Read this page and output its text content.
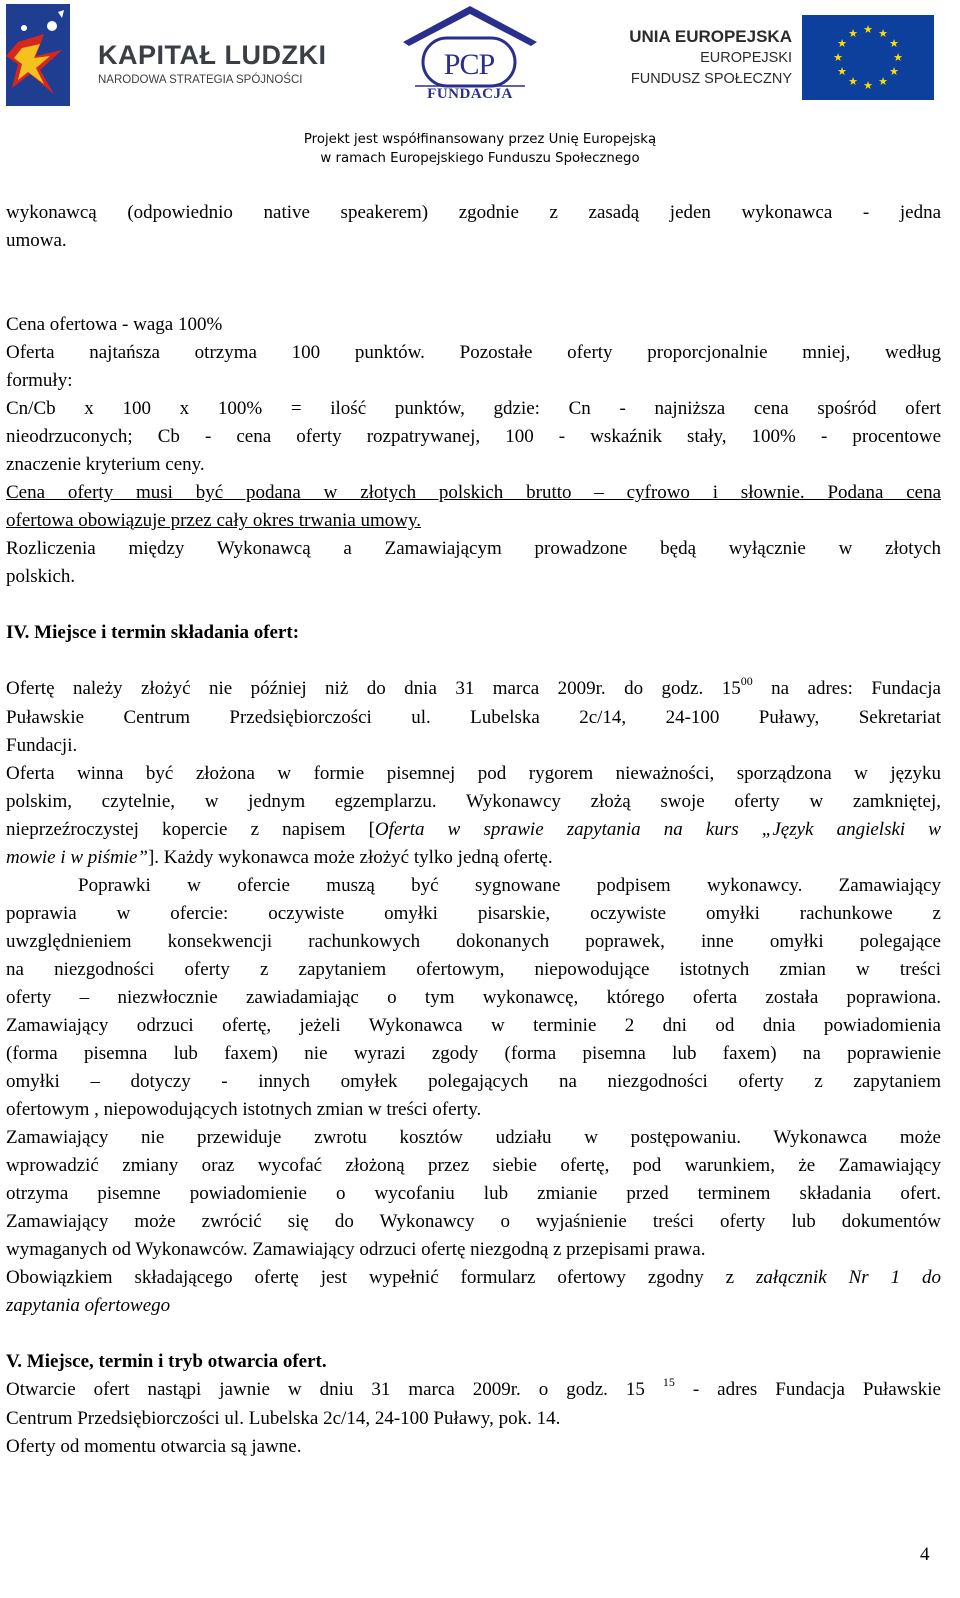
KAPITAŁ LUDZKI
NARODOWA STRATEGIA SPÓJNOŚCI	PCP
FUNDACJA
UNIA EUROPEJSKA
EUROPEJSKI
FUNDUSZ SPOŁECZNY
★ ★
★
★
★
★
★
★
★
★
★
★
Projekt jest współfinansowany przez Unię Europejską
w ramach Europejskiego Funduszu Społecznego

wykonawcą (odpowiednio native speakerem) zgodnie z zasadą jeden wykonawca - jedna

umowa.

Cena ofertowa - waga 100%

Oferta najtańsza otrzyma 100 punktów. Pozostałe oferty proporcjonalnie mniej, według

formuły:

Cn/Cb x 100 x 100% = ilość punktów, gdzie: Cn - najniższa cena spośród ofert

nieodrzuconych; Cb - cena oferty rozpatrywanej, 100 - wskaźnik stały, 100% - procentowe

znaczenie kryterium ceny.

Cena oferty musi być podana w złotych polskich brutto – cyfrowo i słownie. Podana cena

ofertowa obowiązuje przez cały okres trwania umowy.

Rozliczenia między Wykonawcą a Zamawiającym prowadzone będą wyłącznie w złotych

polskich.

IV. Miejsce i termin składania ofert:

Ofertę należy złożyć nie później niż do dnia 31 marca 2009r. do godz. $15^{00}$ na adres: Fundacja

Puławskie Centrum Przedsiębiorczości ul. Lubelska 2c/14, 24-100 Puławy, Sekretariat

Fundacji.

Oferta winna być złożona w formie pisemnej pod rygorem nieważności, sporządzona w języku

polskim, czytelnie, w jednym egzemplarzu. Wykonawcy złożą swoje oferty w zamkniętej,

nieprzeźroczystej kopercie z napisem [Oferta w sprawie zapytania na kurs „Język angielski w

mowie i w piśmie”]. Każdy wykonawca może złożyć tylko jedną ofertę.

Poprawki w ofercie muszą być sygnowane podpisem wykonawcy. Zamawiający

poprawia w ofercie: oczywiste omyłki pisarskie, oczywiste omyłki rachunkowe z

uwzględnieniem konsekwencji rachunkowych dokonanych poprawek, inne omyłki polegające

na niezgodności oferty z zapytaniem ofertowym, niepowodujące istotnych zmian w treści

oferty – niezwłocznie zawiadamiając o tym wykonawcę, którego oferta została poprawiona.

Zamawiający odrzuci ofertę, jeżeli Wykonawca w terminie 2 dni od dnia powiadomienia

(forma pisemna lub faxem) nie wyrazi zgody (forma pisemna lub faxem) na poprawienie

omyłki – dotyczy - innych omyłek polegających na niezgodności oferty z zapytaniem

ofertowym , niepowodujących istotnych zmian w treści oferty.

Zamawiający nie przewiduje zwrotu kosztów udziału w postępowaniu. Wykonawca może

wprowadzić zmiany oraz wycofać złożoną przez siebie ofertę, pod warunkiem, że Zamawiający

otrzyma pisemne powiadomienie o wycofaniu lub zmianie przed terminem składania ofert.

Zamawiający może zwrócić się do Wykonawcy o wyjaśnienie treści oferty lub dokumentów

wymaganych od Wykonawców. Zamawiający odrzuci ofertę niezgodną z przepisami prawa.

Obowiązkiem składającego ofertę jest wypełnić formularz ofertowy zgodny z załącznik Nr 1 do

zapytania ofertowego

V. Miejsce, termin i tryb otwarcia ofert.

Otwarcie ofert nastąpi jawnie w dniu 31 marca 2009r. o godz. 15 $^{15}$ - adres Fundacja Puławskie

Centrum Przedsiębiorczości ul. Lubelska 2c/14, 24-100 Puławy, pok. 14.

Oferty od momentu otwarcia są jawne.

4
